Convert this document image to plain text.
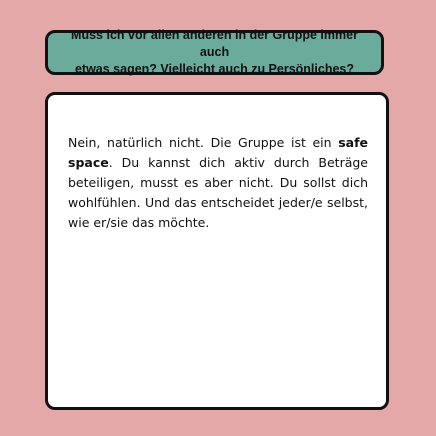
Muss ich vor allen anderen in der Gruppe immer auch
etwas sagen? Vielleicht auch zu Persönliches?

Nein, natürlich nicht. Die Gruppe ist ein safe space. Du kannst dich aktiv durch Beträge beteiligen, musst es aber nicht. Du sollst dich wohlfühlen. Und das entscheidet jeder/e selbst, wie er/sie das möchte.
